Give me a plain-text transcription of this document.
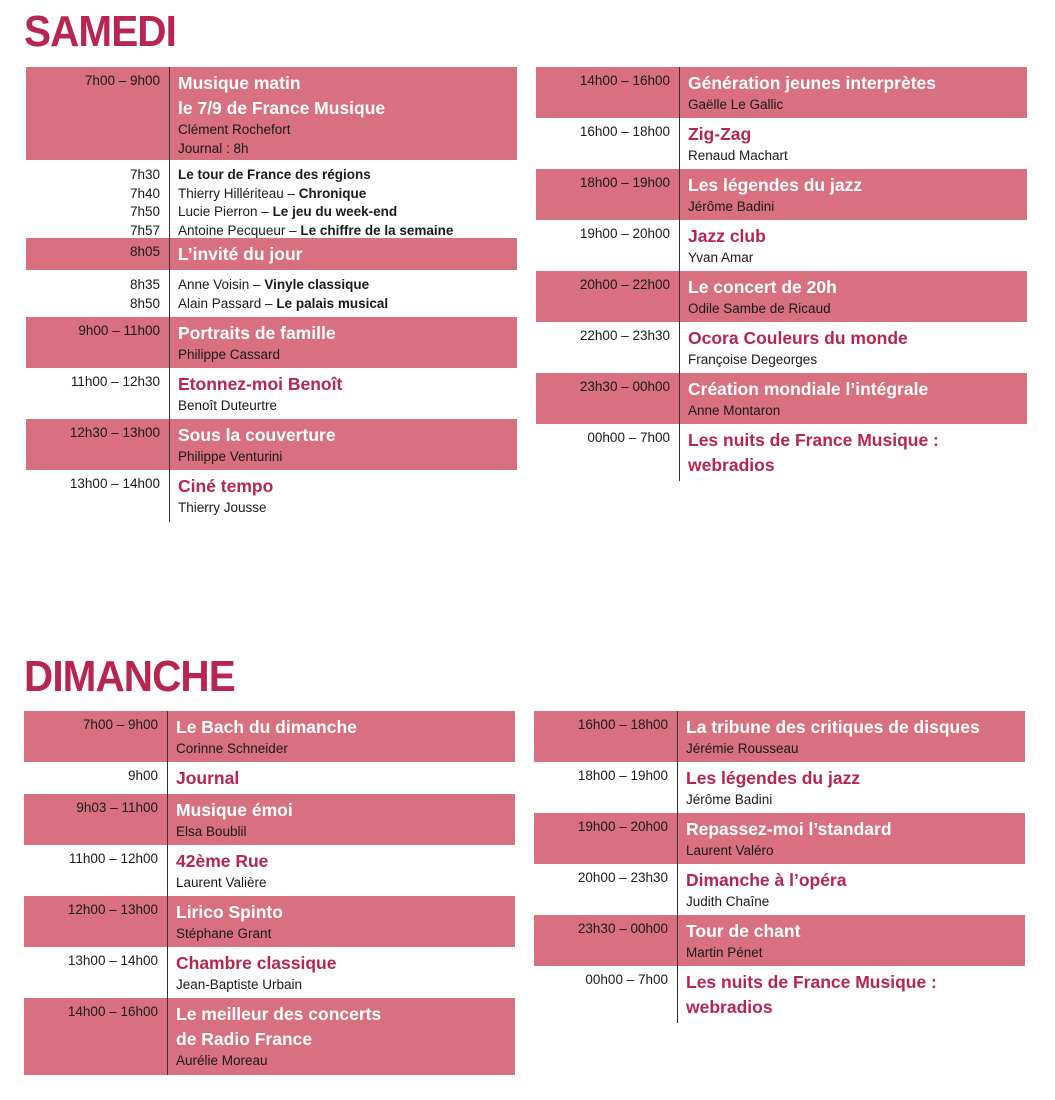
SAMEDI
7h00 – 9h00 Musique matin
le 7/9 de France Musique
Clément Rochefort
Journal : 8h
7h30
7h40
7h50
7h57
Le tour de France des régions
Thierry Hillériteau – Chronique
Lucie Pierron – Le jeu du week-end
Antoine Pecqueur – Le chiffre de la semaine
8h05 L’invité du jour
8h35
8h50
Anne Voisin – Vinyle classique
Alain Passard – Le palais musical
9h00 – 11h00 Portraits de famille
Philippe Cassard
11h00 – 12h30 Etonnez-moi Benoît
Benoît Duteurtre
12h30 – 13h00 Sous la couverture
Philippe Venturini
13h00 – 14h00 Ciné tempo
Thierry Jousse
14h00 – 16h00 Génération jeunes interprètes
Gaëlle Le Gallic
16h00 – 18h00 Zig-Zag
Renaud Machart
18h00 – 19h00 Les légendes du jazz
Jérôme Badini
19h00 – 20h00 Jazz club
Yvan Amar
20h00 – 22h00 Le concert de 20h
Odile Sambe de Ricaud
22h00 – 23h30 Ocora Couleurs du monde
Françoise Degeorges
23h30 – 00h00 Création mondiale l’intégrale
Anne Montaron
00h00 – 7h00 Les nuits de France Musique :
webradios
DIMANCHE
7h00 – 9h00 Le Bach du dimanche
Corinne Schneider
9h00 Journal
9h03 – 11h00 Musique émoi
Elsa Boublil
11h00 – 12h00 42ème Rue
Laurent Valière
12h00 – 13h00 Lirico Spinto
Stéphane Grant
13h00 – 14h00 Chambre classique
Jean-Baptiste Urbain
14h00 – 16h00 Le meilleur des concerts
de Radio France
Aurélie Moreau
16h00 – 18h00 La tribune des critiques de disques
Jérémie Rousseau
18h00 – 19h00 Les légendes du jazz
Jérôme Badini
19h00 – 20h00 Repassez-moi l’standard
Laurent Valéro
20h00 – 23h30 Dimanche à l’opéra
Judith Chaîne
23h30 – 00h00 Tour de chant
Martin Pénet
00h00 – 7h00 Les nuits de France Musique :
webradios
